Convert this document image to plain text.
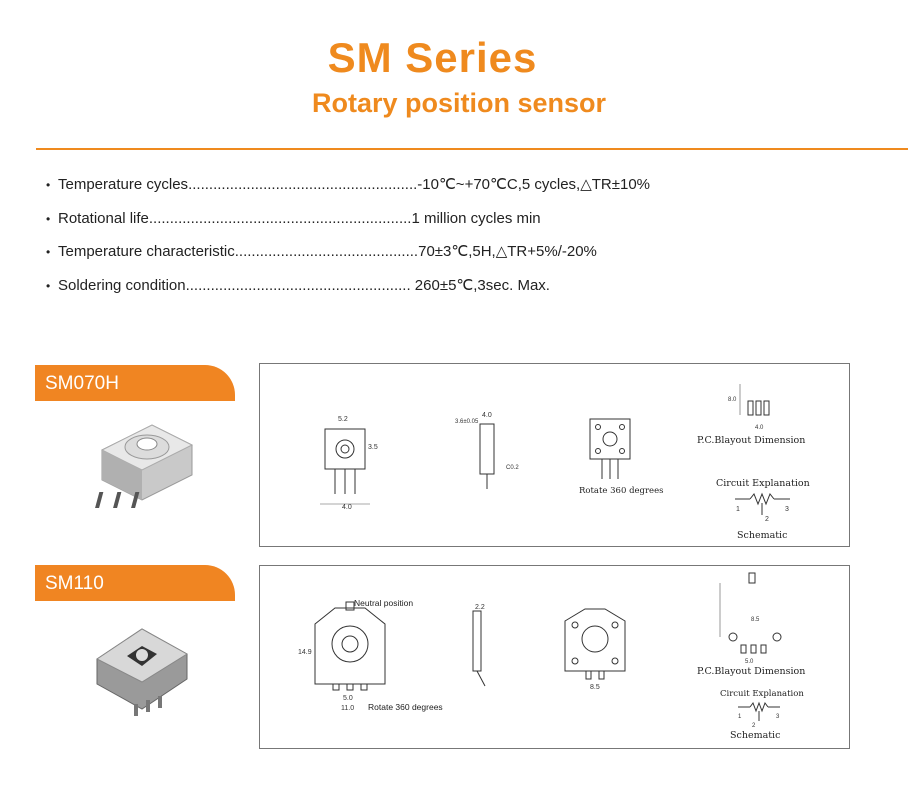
SM Series
Rotary position sensor
• Temperature cycles.......................................................-10℃~+70℃C,5 cycles,△TR±10%
• Rotational life...............................................................1 million cycles min
• Temperature characteristic............................................70±3℃,5H,△TR+5%/-20%
• Soldering condition...................................................... 260±5℃,3sec. Max.
SM070H
4.0
5.2
3.5
4.0
3.6±0.05
C0.2
Rotate 360 degrees
8.0
4.0
P.C.Blayout Dimension
Circuit Explanation
1	3
2
Schematic
SM110
Neutral position
5.0
11.0
14.9
Rotate 360 degrees
2.2
8.5
8.5
5.0
P.C.Blayout Dimension
Circuit Explanation
1	3
2
Schematic
